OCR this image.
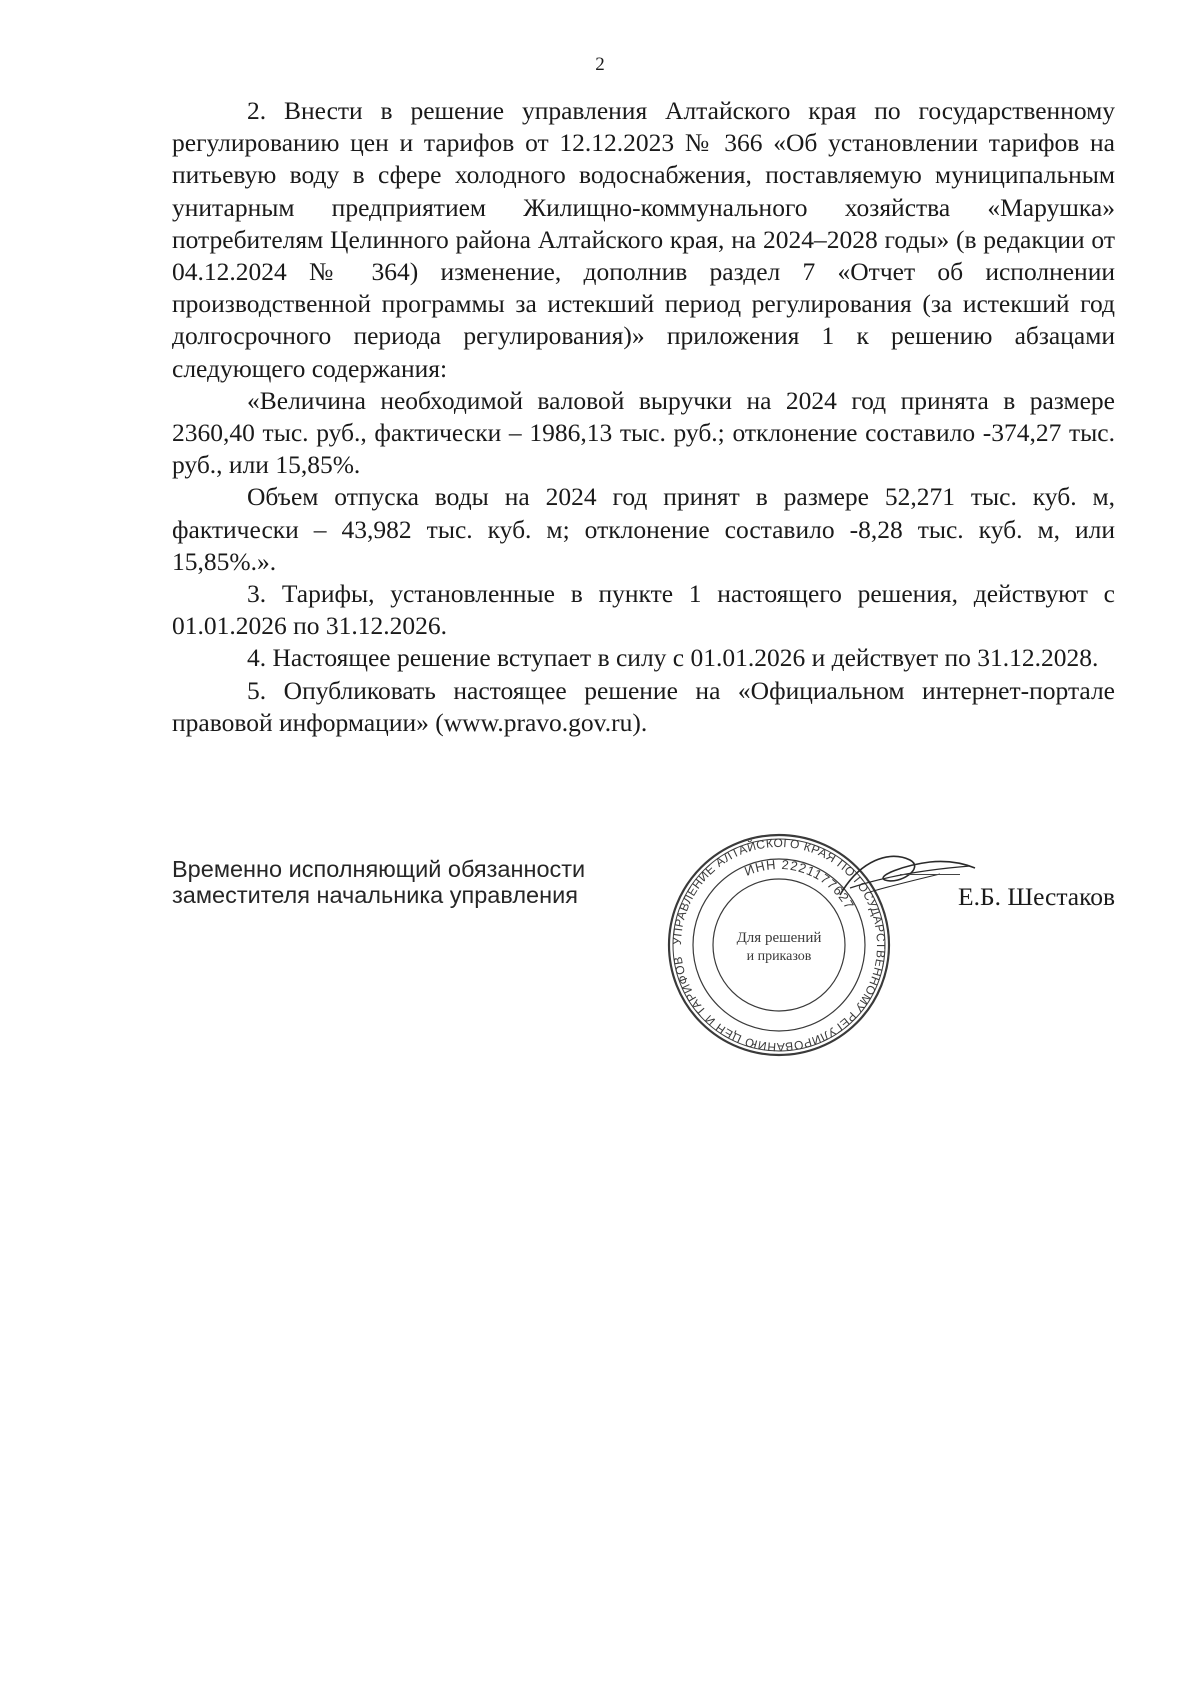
2

2. Внести в решение управления Алтайского края по государственному регулированию цен и тарифов от 12.12.2023 № 366 «Об установлении тарифов на питьевую воду в сфере холодного водоснабжения, поставляемую муниципальным унитарным предприятием Жилищно-коммунального хозяйства «Марушка» потребителям Целинного района Алтайского края, на 2024–2028 годы» (в редакции от 04.12.2024 № 364) изменение, дополнив раздел 7 «Отчет об исполнении производственной программы за истекший период регулирования (за истекший год долгосрочного периода регулирования)» приложения 1 к решению абзацами следующего содержания:

«Величина необходимой валовой выручки на 2024 год принята в размере 2360,40 тыс. руб., фактически – 1986,13 тыс. руб.; отклонение составило -374,27 тыс. руб., или 15,85%.

Объем отпуска воды на 2024 год принят в размере 52,271 тыс. куб. м, фактически – 43,982 тыс. куб. м; отклонение составило -8,28 тыс. куб. м, или 15,85%.».

3. Тарифы, установленные в пункте 1 настоящего решения, действуют с 01.01.2026 по 31.12.2026.

4. Настоящее решение вступает в силу с 01.01.2026 и действует по 31.12.2028.

5. Опубликовать настоящее решение на «Официальном интернет-портале правовой информации» (www.pravo.gov.ru).

Временно исполняющий обязанности
заместителя начальника управления	Е.Б. Шестаков
УПРАВЛЕНИЕ АЛТАЙСКОГО КРАЯ ПО ГОСУДАРСТВЕННОМУ РЕГУЛИРОВАНИЮ ЦЕН И ТАРИФОВ
ИНН 2221177627
Для решений
и приказов
